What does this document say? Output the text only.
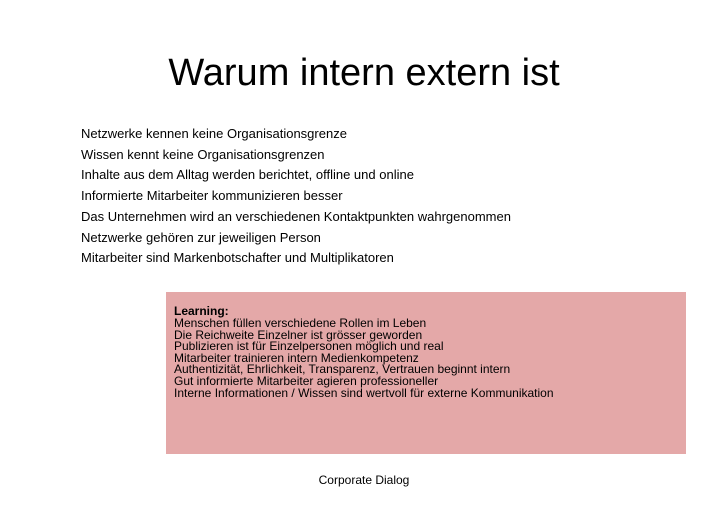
Warum intern extern ist
Netzwerke kennen keine Organisationsgrenze
Wissen kennt keine Organisationsgrenzen
Inhalte aus dem Alltag werden berichtet, offline und online
Informierte Mitarbeiter kommunizieren besser
Das Unternehmen wird an verschiedenen Kontaktpunkten wahrgenommen
Netzwerke gehören zur jeweiligen Person
Mitarbeiter sind Markenbotschafter und Multiplikatoren
Learning:
Menschen füllen verschiedene Rollen im Leben
Die Reichweite Einzelner ist grösser geworden
Publizieren ist für Einzelpersonen möglich und real
Mitarbeiter trainieren intern Medienkompetenz
Authentizität, Ehrlichkeit, Transparenz, Vertrauen beginnt intern
Gut informierte Mitarbeiter agieren professioneller
Interne Informationen / Wissen sind wertvoll für externe Kommunikation

Corporate Dialog
